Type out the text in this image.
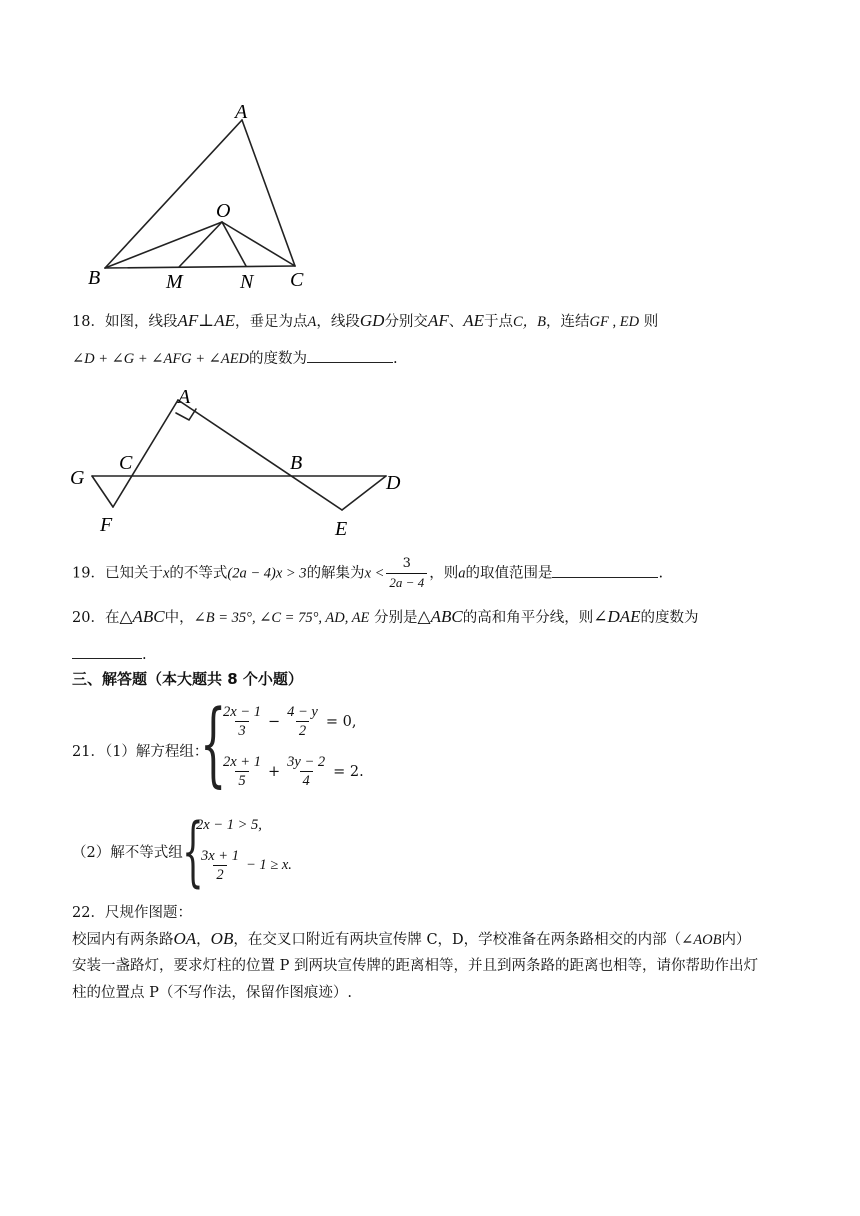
A
O
B	M	N C
18．如图，线段AF⊥AE，垂足为点A，线段GD分别交AF、AE于点C，B，连结GF , ED 则
∠D + ∠G + ∠AFG + ∠AED的度数为	.
A
G
C	B
D
F	E
19．已知关于x的不等式(2a − 4)x > 3的解集为$x < \frac{3}{2a - 4}$ ，则a的取值范围是	.
20．在△ABC中，∠B = 35°, ∠C = 75°, AD, AE 分别是△ABC的高和角平分线，则∠DAE的度数为
.
三、解答题（本大题共 8 个小题）
21．（1）解方程组：
{
$\frac{2x - 1}{3} - \frac{4 - y}{2} = 0$,
$\frac{2x + 1}{5} + \frac{3y - 2}{4} = 2$.
（2）解不等式组 {
2x − 1 > 5,
$\frac{3x + 1}{2} - 1 \ge x$.
22．尺规作图题：
校园内有两条路OA，OB，在交叉口附近有两块宣传牌 C，D，学校准备在两条路相交的内部（∠AOB内）
安装一盏路灯，要求灯柱的位置 P 到两块宣传牌的距离相等，并且到两条路的距离也相等，请你帮助作出灯
柱的位置点 P（不写作法，保留作图痕迹）.
